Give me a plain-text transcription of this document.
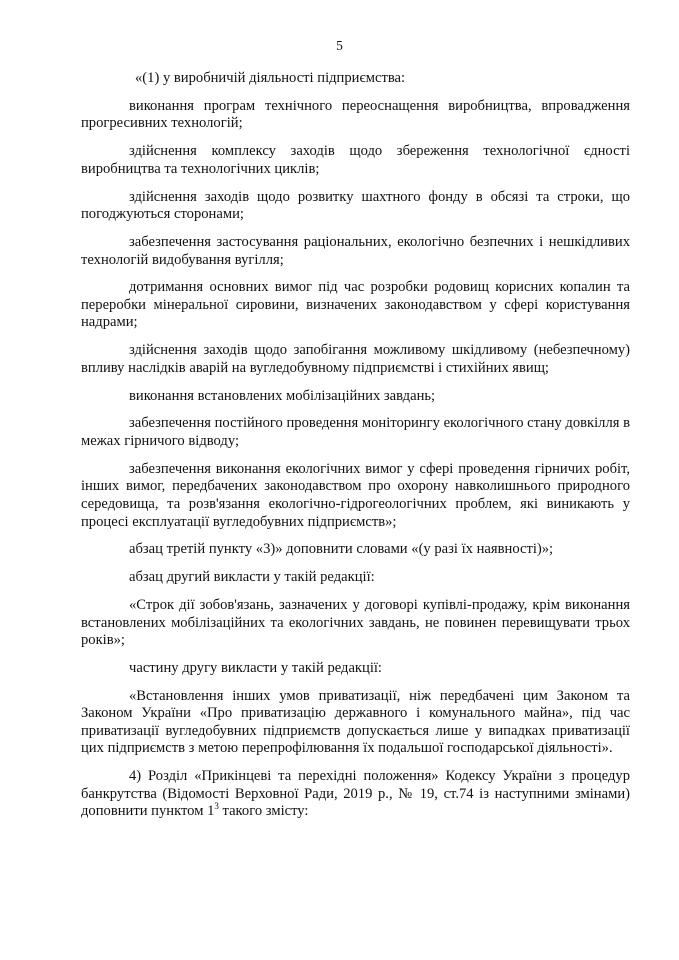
5

«(1) у виробничій діяльності підприємства:

виконання програм технічного переоснащення виробництва, впровадження прогресивних технологій;

здійснення комплексу заходів щодо збереження технологічної єдності виробництва та технологічних циклів;

здійснення заходів щодо розвитку шахтного фонду в обсязі та строки, що погоджуються сторонами;

забезпечення застосування раціональних, екологічно безпечних і нешкідливих технологій видобування вугілля;

дотримання основних вимог під час розробки родовищ корисних копалин та переробки мінеральної сировини, визначених законодавством у сфері користування надрами;

здійснення заходів щодо запобігання можливому шкідливому (небезпечному) впливу наслідків аварій на вугледобувному підприємстві і стихійних явищ;

виконання встановлених мобілізаційних завдань;

забезпечення постійного проведення моніторингу екологічного стану довкілля в межах гірничого відводу;

забезпечення виконання екологічних вимог у сфері проведення гірничих робіт, інших вимог, передбачених законодавством про охорону навколишнього природного середовища, та розв'язання екологічно-гідрогеологічних проблем, які виникають у процесі експлуатації вугледобувних підприємств»;

абзац третій пункту «3)» доповнити словами «(у разі їх наявності)»;

абзац другий викласти у такій редакції:

«Строк дії зобов'язань, зазначених у договорі купівлі-продажу, крім виконання встановлених мобілізаційних та екологічних завдань, не повинен перевищувати трьох років»;

частину другу викласти у такій редакції:

«Встановлення інших умов приватизації, ніж передбачені цим Законом та Законом України «Про приватизацію державного і комунального майна», під час приватизації вугледобувних підприємств допускається лише у випадках приватизації цих підприємств з метою перепрофілювання їх подальшої господарської діяльності».

4) Розділ «Прикінцеві та перехідні положення» Кодексу України з процедур банкрутства (Відомості Верховної Ради, 2019 р., № 19, ст.74 із наступними змінами) доповнити пунктом $1^3$ такого змісту:
